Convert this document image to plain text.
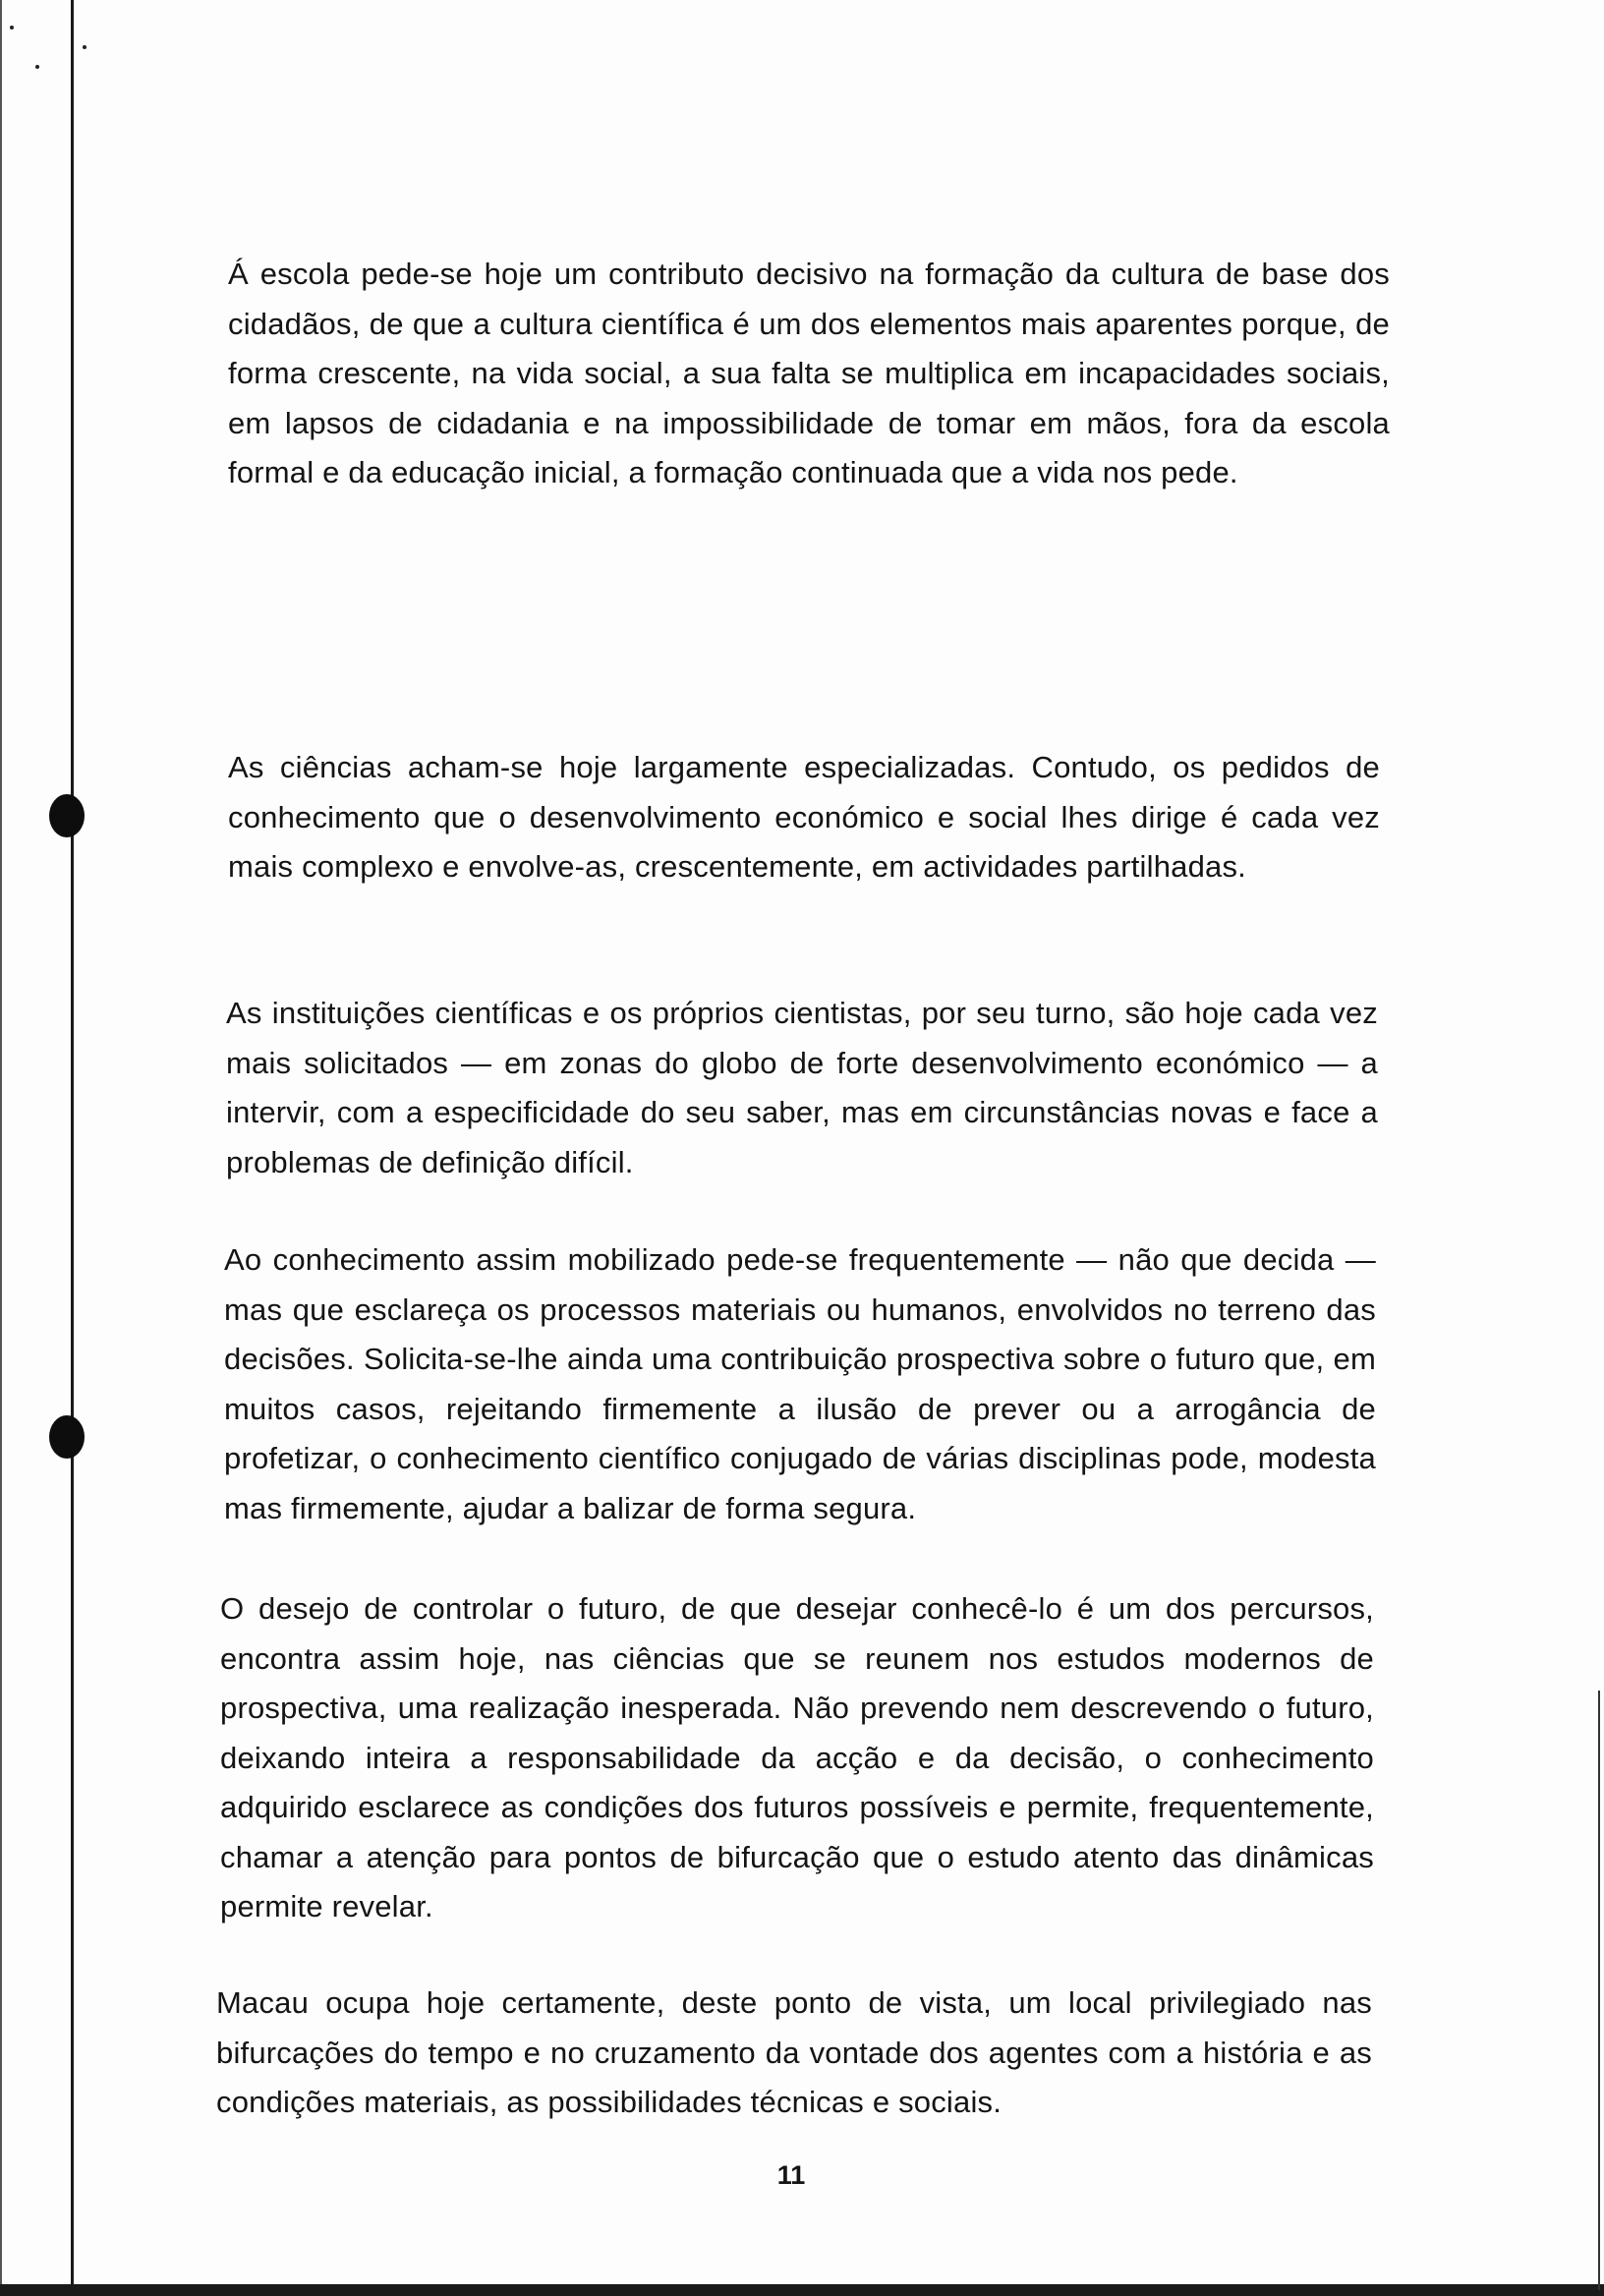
Á escola pede-se hoje um contributo decisivo na formação da cultura de base dos cidadãos, de que a cultura científica é um dos elementos mais aparentes porque, de forma crescente, na vida social, a sua falta se multiplica em incapacidades sociais, em lapsos de cidadania e na impossibilidade de tomar em mãos, fora da escola formal e da educação inicial, a formação continuada que a vida nos pede.

As ciências acham-se hoje largamente especializadas. Contudo, os pedidos de conhecimento que o desenvolvimento económico e social lhes dirige é cada vez mais complexo e envolve-as, crescentemente, em actividades partilhadas.

As instituições científicas e os próprios cientistas, por seu turno, são hoje cada vez mais solicitados — em zonas do globo de forte desenvolvimento económico — a intervir, com a especificidade do seu saber, mas em circunstâncias novas e face a problemas de definição difícil.

Ao conhecimento assim mobilizado pede-se frequentemente — não que decida — mas que esclareça os processos materiais ou humanos, envolvidos no terreno das decisões. Solicita-se-lhe ainda uma contribuição prospectiva sobre o futuro que, em muitos casos, rejeitando firmemente a ilusão de prever ou a arrogância de profetizar, o conhecimento científico conjugado de várias disciplinas pode, modesta mas firmemente, ajudar a balizar de forma segura.

O desejo de controlar o futuro, de que desejar conhecê-lo é um dos percursos, encontra assim hoje, nas ciências que se reunem nos estudos modernos de prospectiva, uma realização inesperada. Não prevendo nem descrevendo o futuro, deixando inteira a responsabilidade da acção e da decisão, o conhecimento adquirido esclarece as condições dos futuros possíveis e permite, frequentemente, chamar a atenção para pontos de bifurcação que o estudo atento das dinâmicas permite revelar.

Macau ocupa hoje certamente, deste ponto de vista, um local privilegiado nas bifurcações do tempo e no cruzamento da vontade dos agentes com a história e as condições materiais, as possibilidades técnicas e sociais.

11
